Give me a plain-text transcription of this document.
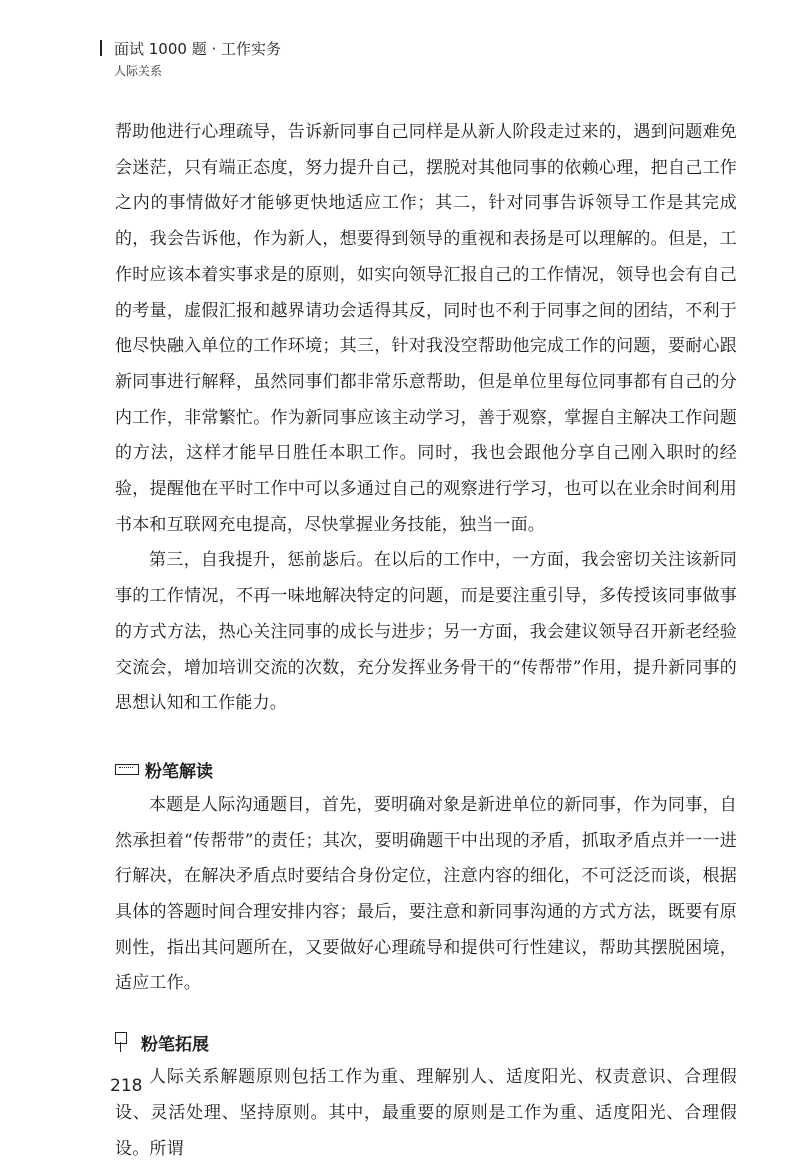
面试 1000 题 · 工作实务
人际关系

帮助他进行心理疏导，告诉新同事自己同样是从新人阶段走过来的，遇到问题难免会迷茫，只有端正态度，努力提升自己，摆脱对其他同事的依赖心理，把自己工作之内的事情做好才能够更快地适应工作；其二，针对同事告诉领导工作是其完成的，我会告诉他，作为新人，想要得到领导的重视和表扬是可以理解的。但是，工作时应该本着实事求是的原则，如实向领导汇报自己的工作情况，领导也会有自己的考量，虚假汇报和越界请功会适得其反，同时也不利于同事之间的团结，不利于他尽快融入单位的工作环境；其三，针对我没空帮助他完成工作的问题，要耐心跟新同事进行解释，虽然同事们都非常乐意帮助，但是单位里每位同事都有自己的分内工作，非常繁忙。作为新同事应该主动学习，善于观察，掌握自主解决工作问题的方法，这样才能早日胜任本职工作。同时，我也会跟他分享自己刚入职时的经验，提醒他在平时工作中可以多通过自己的观察进行学习，也可以在业余时间利用书本和互联网充电提高，尽快掌握业务技能，独当一面。

第三，自我提升，惩前毖后。在以后的工作中，一方面，我会密切关注该新同事的工作情况，不再一味地解决特定的问题，而是要注重引导，多传授该同事做事的方式方法，热心关注同事的成长与进步；另一方面，我会建议领导召开新老经验交流会，增加培训交流的次数，充分发挥业务骨干的“传帮带”作用，提升新同事的思想认知和工作能力。

粉笔解读

本题是人际沟通题目，首先，要明确对象是新进单位的新同事，作为同事，自然承担着“传帮带”的责任；其次，要明确题干中出现的矛盾，抓取矛盾点并一一进行解决，在解决矛盾点时要结合身份定位，注意内容的细化，不可泛泛而谈，根据具体的答题时间合理安排内容；最后，要注意和新同事沟通的方式方法，既要有原则性，指出其问题所在，又要做好心理疏导和提供可行性建议，帮助其摆脱困境，适应工作。

粉笔拓展

人际关系解题原则包括工作为重、理解别人、适度阳光、权责意识、合理假设、灵活处理、坚持原则。其中，最重要的原则是工作为重、适度阳光、合理假设。所谓

218
